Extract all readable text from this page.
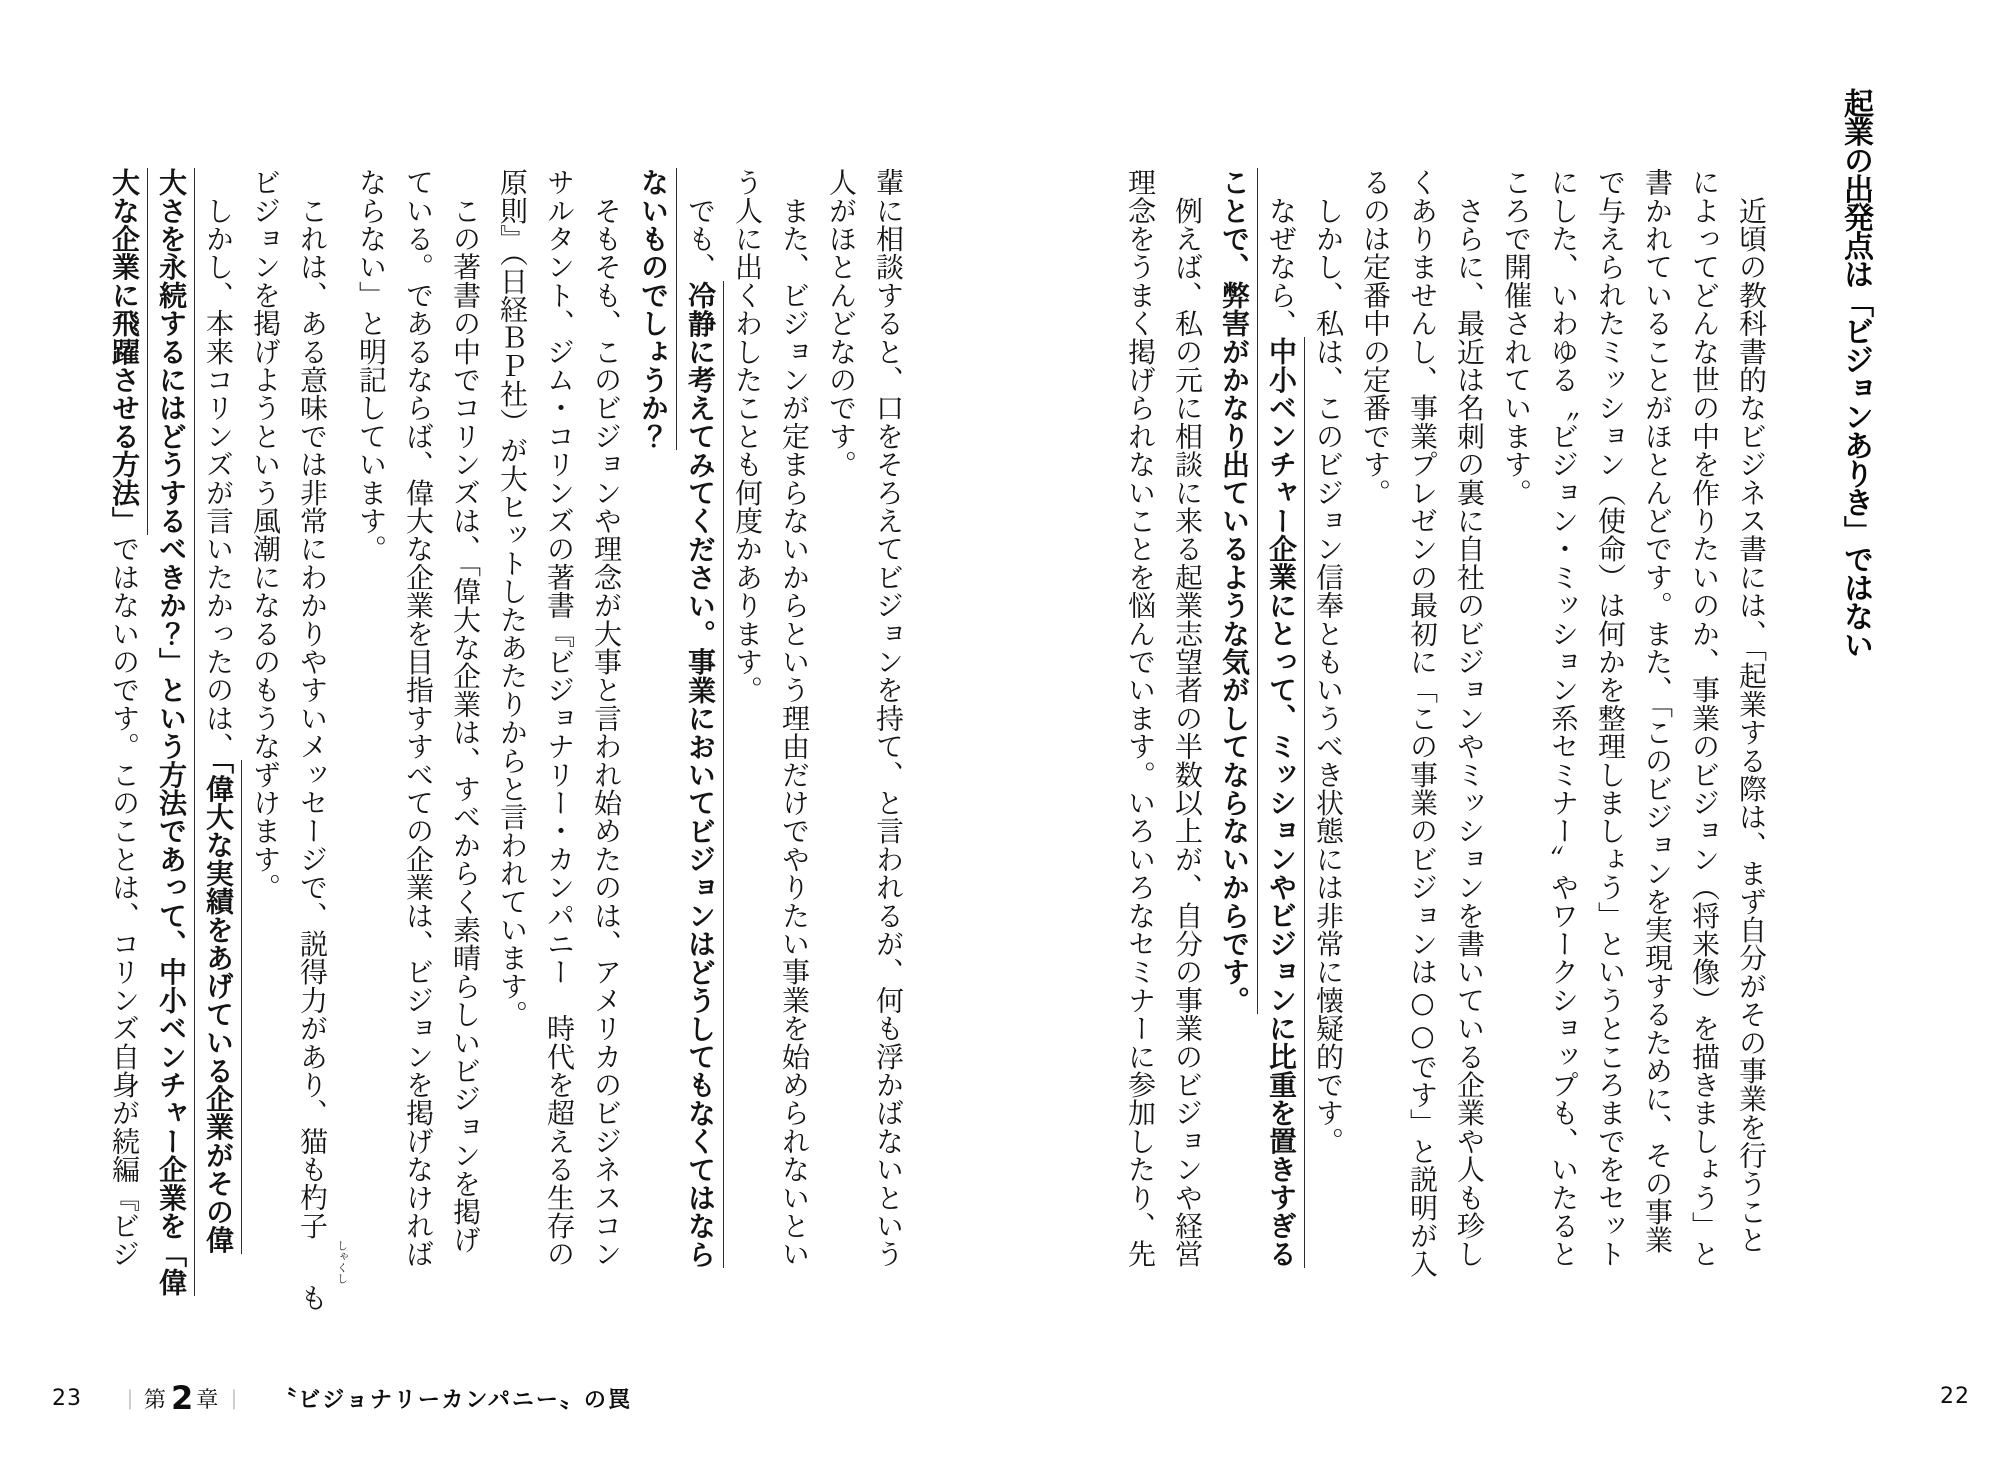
起業の出発点は「ビジョンありき」ではない
　近頃の教科書的なビジネス書には、「起業する際は、まず自分がその事業を行うこと
によってどんな世の中を作りたいのか、事業のビジョン（将来像）を描きましょう」と
書かれていることがほとんどです。また、「このビジョンを実現するために、その事業
で与えられたミッション（使命）は何かを整理しましょう」というところまでをセット
にした、いわゆる〝ビジョン・ミッション系セミナー〟やワークショップも、いたると
ころで開催されています。
　さらに、最近は名刺の裏に自社のビジョンやミッションを書いている企業や人も珍し
くありませんし、事業プレゼンの最初に「この事業のビジョンは○○です」と説明が入
るのは定番中の定番です。
　しかし、私は、このビジョン信奉ともいうべき状態には非常に懐疑的です。
　なぜなら、中小ベンチャー企業にとって、ミッションやビジョンに比重を置きすぎる
ことで、弊害がかなり出ているような気がしてならないからです。
　例えば、私の元に相談に来る起業志望者の半数以上が、自分の事業のビジョンや経営
理念をうまく掲げられないことを悩んでいます。いろいろなセミナーに参加したり、先
22
輩に相談すると、口をそろえてビジョンを持て、と言われるが、何も浮かばないという
人がほとんどなのです。
　また、ビジョンが定まらないからという理由だけでやりたい事業を始められないとい
う人に出くわしたことも何度かあります。
　でも、冷静に考えてみてください。事業においてビジョンはどうしてもなくてはなら
ないものでしょうか？
　そもそも、このビジョンや理念が大事と言われ始めたのは、アメリカのビジネスコン
サルタント、ジム・コリンズの著書『ビジョナリー・カンパニー　時代を超える生存の
原則』（日経ＢＰ社）が大ヒットしたあたりからと言われています。
　この著書の中でコリンズは、「偉大な企業は、すべからく素晴らしいビジョンを掲げ
ている。であるならば、偉大な企業を目指すすべての企業は、ビジョンを掲げなければ
ならない」と明記しています。
　これは、ある意味では非常にわかりやすいメッセージで、説得力があり、猫も杓子しゃくしも
ビジョンを掲げようという風潮になるのもうなずけます。
　しかし、本来コリンズが言いたかったのは、「偉大な実績をあげている企業がその偉
大さを永続するにはどうするべきか？」という方法であって、中小ベンチャー企業を「偉
大な企業に飛躍させる方法」ではないのです。このことは、コリンズ自身が続編『ビジ
23 ｜ 第 2 章 ｜ 〝ビジョナリーカンパニー〟の罠
